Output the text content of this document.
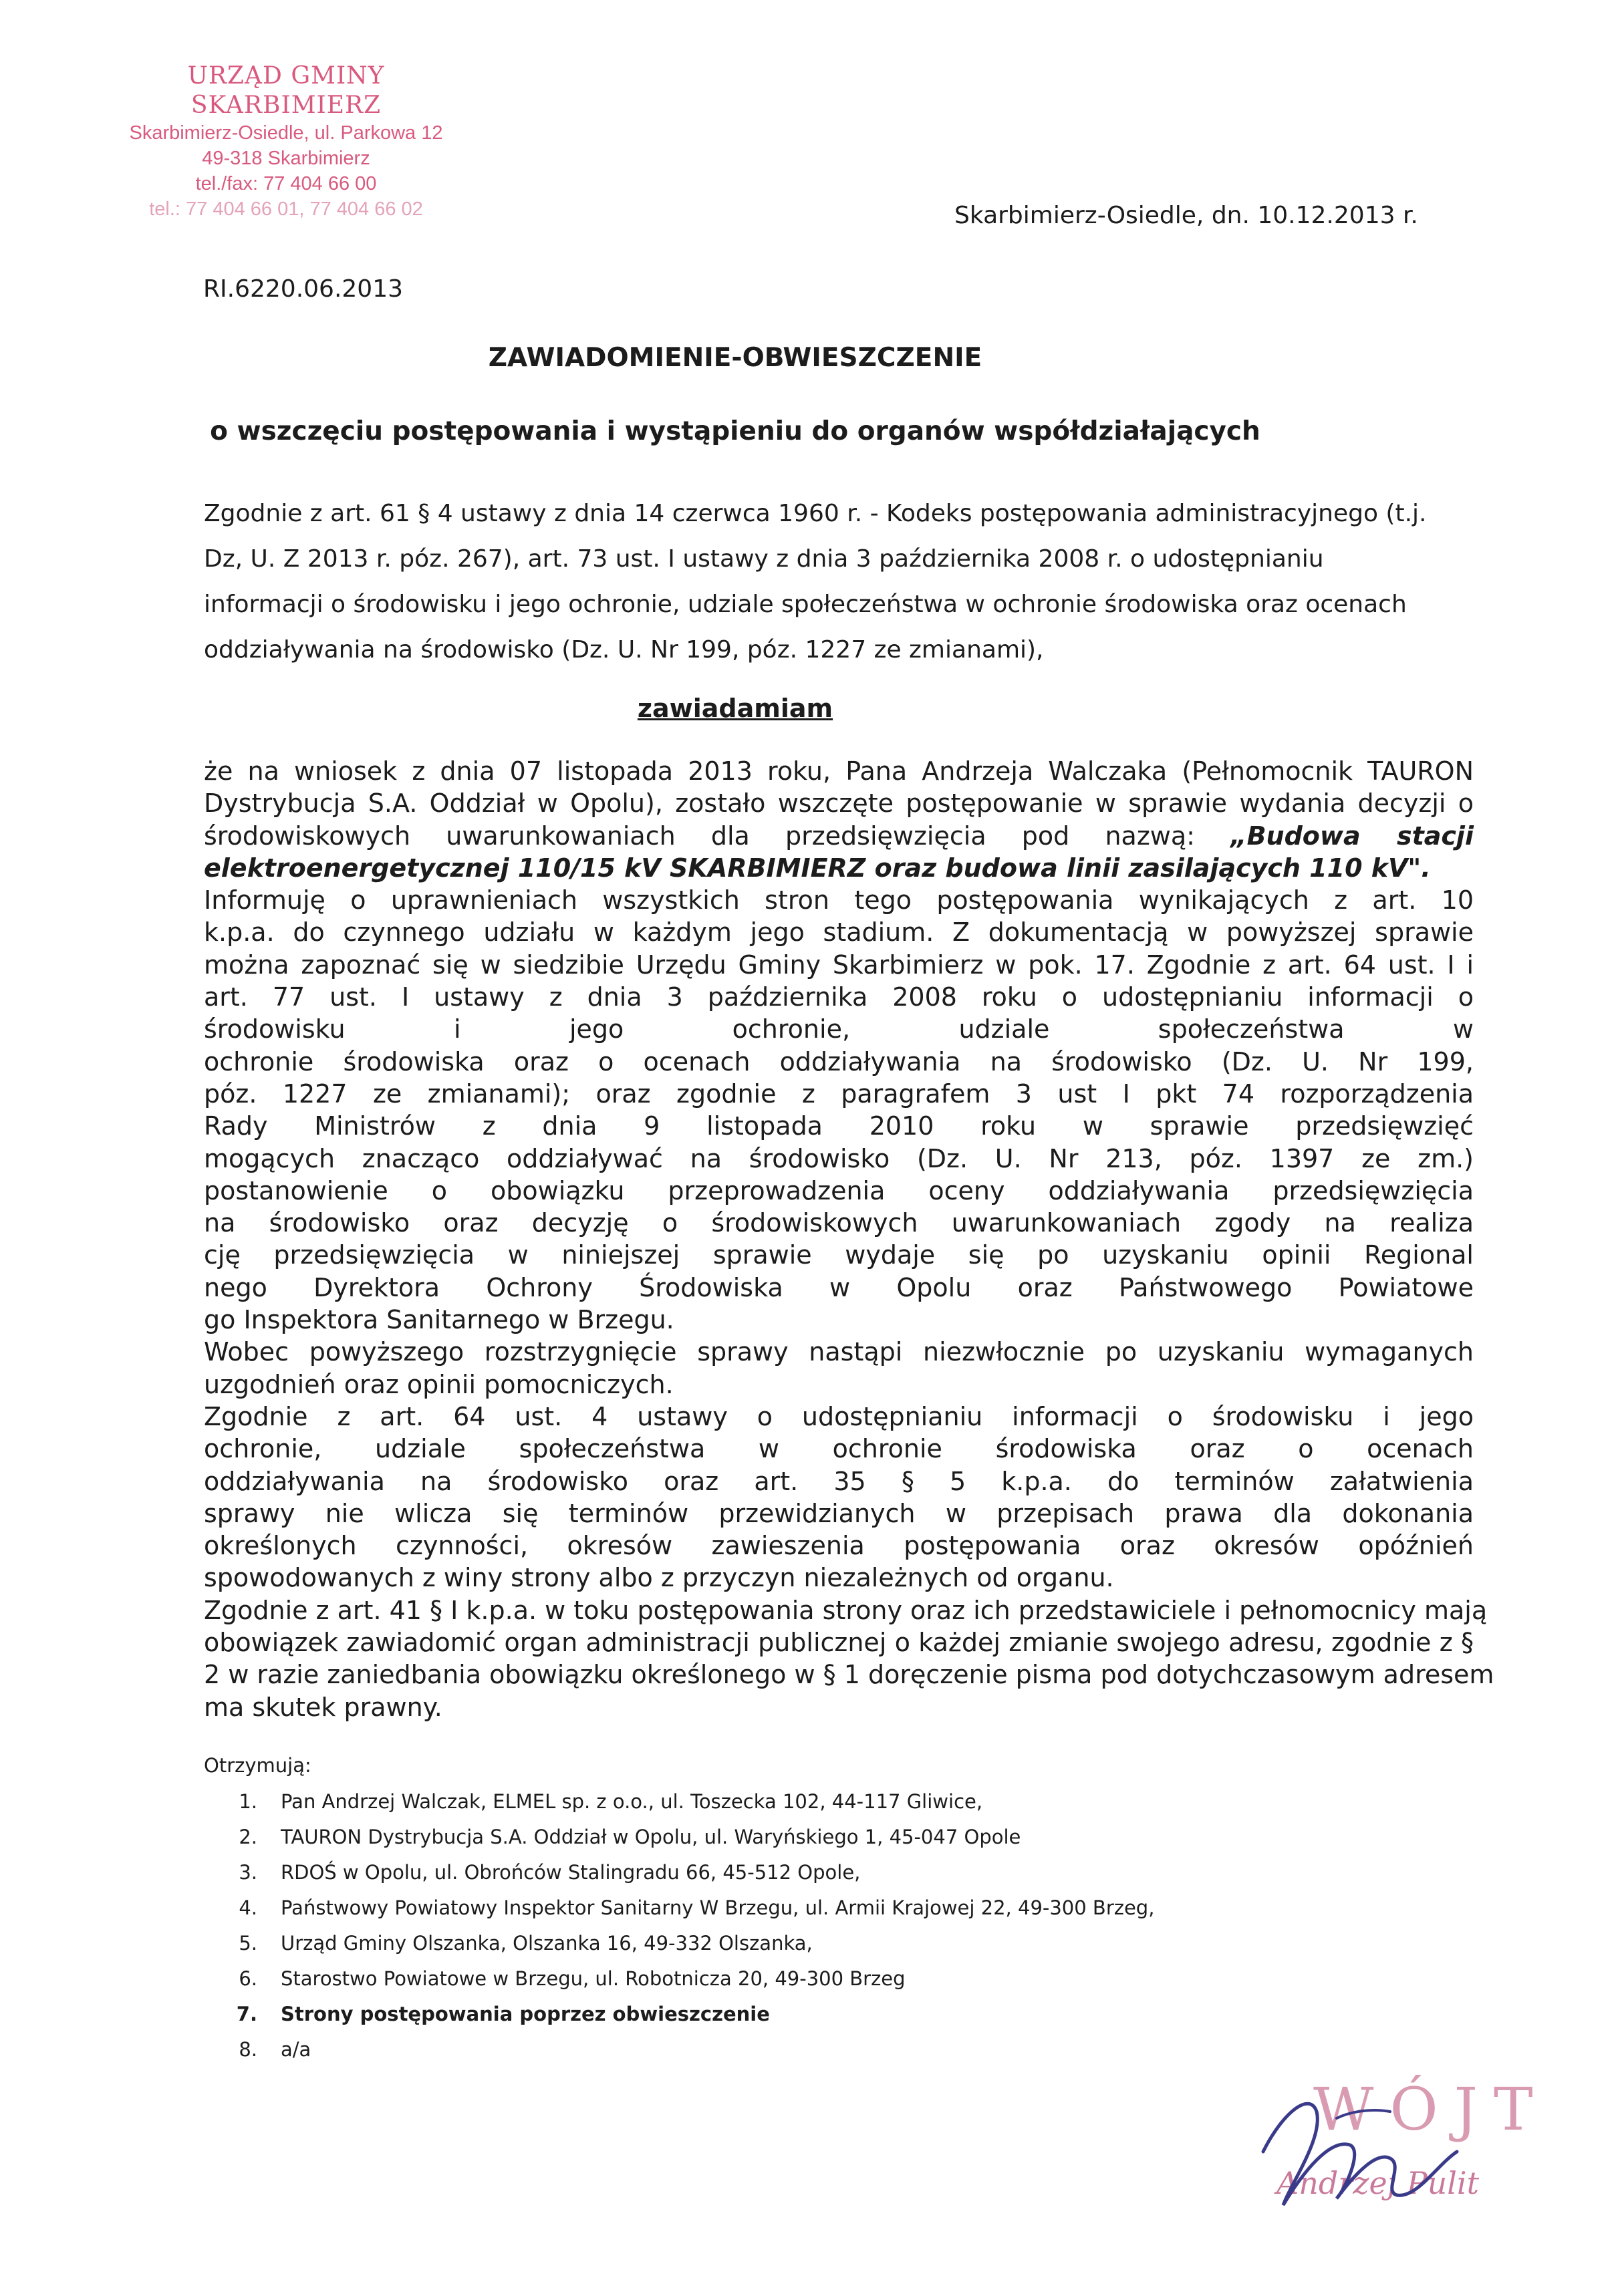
URZĄD GMINY SKARBIMIERZ
Skarbimierz-Osiedle, ul. Parkowa 12
49-318 Skarbimierz
tel./fax: 77 404 66 00
tel.: 77 404 66 01, 77 404 66 02	Skarbimierz-Osiedle, dn. 10.12.2013 r.
RI.6220.06.2013
ZAWIADOMIENIE-OBWIESZCZENIE
o wszczęciu postępowania i wystąpieniu do organów współdziałających
Zgodnie z art. 61 § 4 ustawy z dnia 14 czerwca 1960 r. - Kodeks postępowania administracyjnego (t.j.
Dz, U. Z 2013 r. póz. 267), art. 73 ust. I ustawy z dnia 3 października 2008 r. o udostępnianiu
informacji o środowisku i jego ochronie, udziale społeczeństwa w ochronie środowiska oraz ocenach
oddziaływania na środowisko (Dz. U. Nr 199, póz. 1227 ze zmianami),
zawiadamiam
że na wniosek z dnia 07 listopada 2013 roku, Pana Andrzeja Walczaka (Pełnomocnik TAURON
Dystrybucja S.A. Oddział w Opolu), zostało wszczęte postępowanie w sprawie wydania decyzji o
środowiskowych uwarunkowaniach dla przedsięwzięcia pod nazwą: „Budowa stacji
elektroenergetycznej 110/15 kV SKARBIMIERZ oraz budowa linii zasilających 110 kV".
Informuję o uprawnieniach wszystkich stron tego postępowania wynikających z art. 10
k.p.a. do czynnego udziału w każdym jego stadium. Z dokumentacją w powyższej sprawie
można zapoznać się w siedzibie Urzędu Gminy Skarbimierz w pok. 17. Zgodnie z art. 64 ust. I i
art. 77 ust. I ustawy z dnia 3 października 2008 roku o udostępnianiu informacji o
środowisku i jego ochronie, udziale społeczeństwa w
ochronie środowiska oraz o ocenach oddziaływania na środowisko (Dz. U. Nr 199,
póz. 1227 ze zmianami); oraz zgodnie z paragrafem 3 ust I pkt 74 rozporządzenia
Rady Ministrów z dnia 9 listopada 2010 roku w sprawie przedsięwzięć
mogących znacząco oddziaływać na środowisko (Dz. U. Nr 213, póz. 1397 ze zm.)
postanowienie o obowiązku przeprowadzenia oceny oddziaływania przedsięwzięcia
na środowisko oraz decyzję o środowiskowych uwarunkowaniach zgody na realiza
cję przedsięwzięcia w niniejszej sprawie wydaje się po uzyskaniu opinii Regional
nego Dyrektora Ochrony Środowiska w Opolu oraz Państwowego Powiatowe
go Inspektora Sanitarnego w Brzegu.
Wobec powyższego rozstrzygnięcie sprawy nastąpi niezwłocznie po uzyskaniu wymaganych
uzgodnień oraz opinii pomocniczych.
Zgodnie z art. 64 ust. 4 ustawy o udostępnianiu informacji o środowisku i jego
ochronie, udziale społeczeństwa w ochronie środowiska oraz o ocenach
oddziaływania na środowisko oraz art. 35 § 5 k.p.a. do terminów załatwienia
sprawy nie wlicza się terminów przewidzianych w przepisach prawa dla dokonania
określonych czynności, okresów zawieszenia postępowania oraz okresów opóźnień
spowodowanych z winy strony albo z przyczyn niezależnych od organu.
Zgodnie z art. 41 § I k.p.a. w toku postępowania strony oraz ich przedstawiciele i pełnomocnicy mają
obowiązek zawiadomić organ administracji publicznej o każdej zmianie swojego adresu, zgodnie z §
2 w razie zaniedbania obowiązku określonego w § 1 doręczenie pisma pod dotychczasowym adresem
ma skutek prawny.
Otrzymują:
1.	Pan Andrzej Walczak, ELMEL sp. z o.o., ul. Toszecka 102, 44-117 Gliwice,
2.	TAURON Dystrybucja S.A. Oddział w Opolu, ul. Waryńskiego 1, 45-047 Opole
3.	RDOŚ w Opolu, ul. Obrońców Stalingradu 66, 45-512 Opole,
4.	Państwowy Powiatowy Inspektor Sanitarny W Brzegu, ul. Armii Krajowej 22, 49-300 Brzeg,
5.	Urząd Gminy Olszanka, Olszanka 16, 49-332 Olszanka,
6.	Starostwo Powiatowe w Brzegu, ul. Robotnicza 20, 49-300 Brzeg
7.	Strony postępowania poprzez obwieszczenie
8.	a/a
WÓJT
Andrzej Pulit
